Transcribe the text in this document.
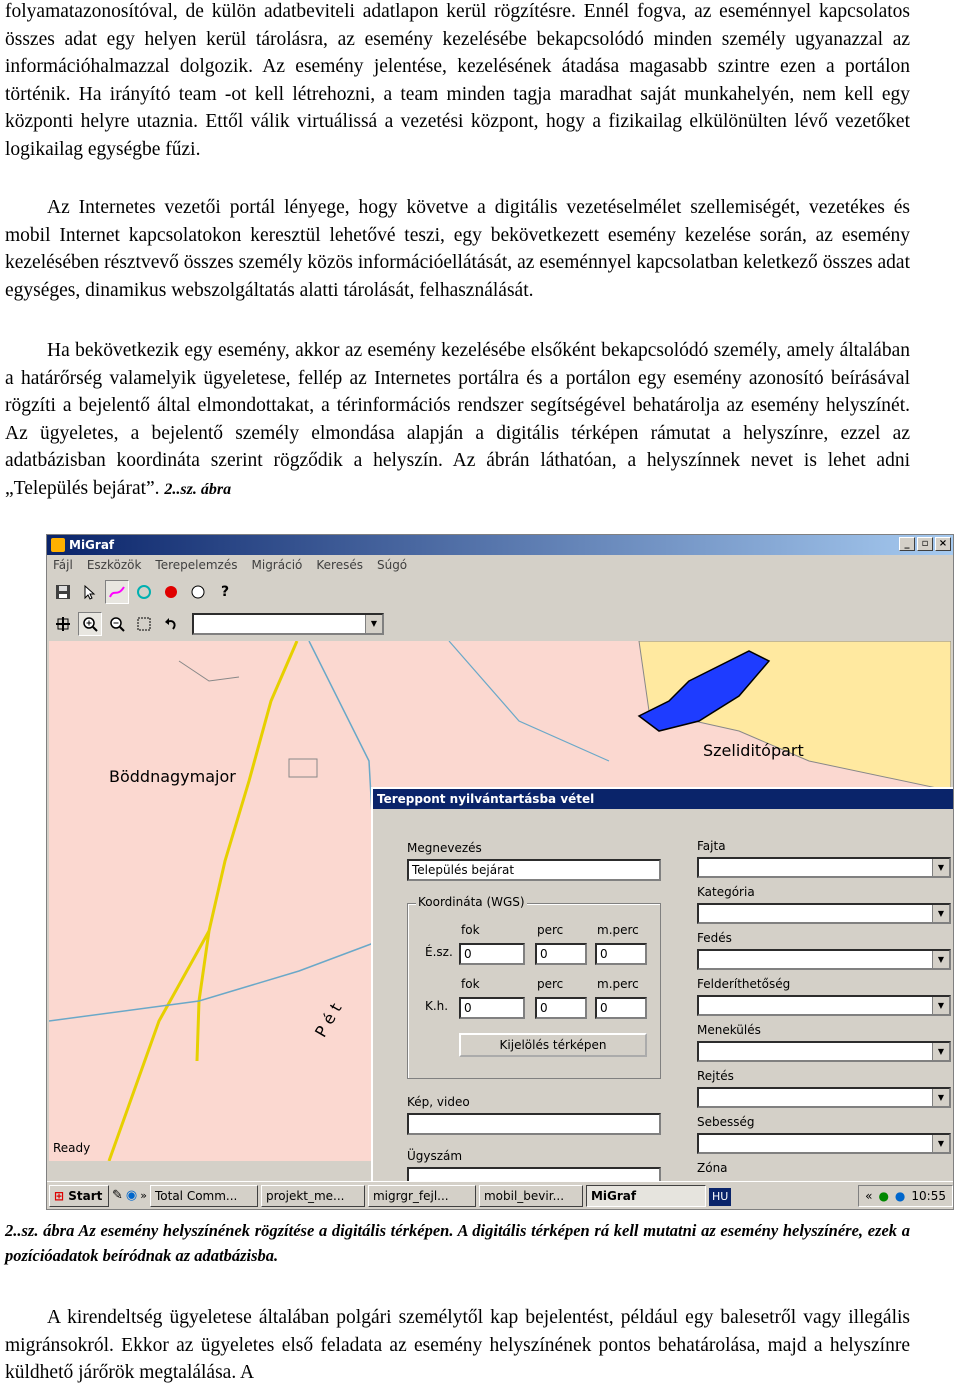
folyamatazonosítóval, de külön adatbeviteli adatlapon kerül rögzítésre. Ennél fogva, az eseménnyel kapcsolatos összes adat egy helyen kerül tárolásra, az esemény kezelésébe bekapcsolódó minden személy ugyanazzal az információhalmazzal dolgozik. Az esemény jelentése, kezelésének átadása magasabb szintre ezen a portálon történik. Ha irányító team -ot kell létrehozni, a team minden tagja maradhat saját munkahelyén, nem kell egy központi helyre utaznia. Ettől válik virtuálissá a vezetési központ, hogy a fizikailag elkülönülten lévő vezetőket logikailag egységbe fűzi.

Az Internetes vezetői portál lényege, hogy követve a digitális vezetéselmélet szellemiségét, vezetékes és mobil Internet kapcsolatokon keresztül lehetővé teszi, egy bekövetkezett esemény kezelése során, az esemény kezelésében résztvevő összes személy közös információellátását, az eseménnyel kapcsolatban keletkező összes adat egységes, dinamikus webszolgáltatás alatti tárolását, felhasználását.

Ha bekövetkezik egy esemény, akkor az esemény kezelésébe elsőként bekapcsolódó személy, amely általában a határőrség valamelyik ügyeletese, fellép az Internetes portálra és a portálon egy esemény azonosító beírásával rögzíti a bejelentő által elmondottakat, a térinformációs rendszer segítségével behatárolja az esemény helyszínét. Az ügyeletes, a bejelentő személy elmondása alapján a digitális térképen rámutat a helyszínre, ezzel az adatbázisban koordináta szerint rögződik a helyszín. Az ábrán láthatóan, a helyszínnek nevet is lehet adni „Település bejárat”. 2..sz. ábra

MiGraf	_	▫	×
Fájl Eszközök Terepelemzés Migráció Keresés Súgó
?
▼
Böddnagymajor
Szeliditópart
P é t
Ready
Tereppont nyilvántartásba vétel
Megnevezés
Település bejárat
Koordináta (WGS)
fok	perc	m.perc
É.sz. 0	0	0
fok	perc	m.perc
K.h.	0	0	0
Kijelölés térképen
Kép, video
Ügyszám
Fajta
▼
Kategória
▼
Fedés
▼
Felderíthetőség
▼
Menekülés
▼
Rejtés
▼
Sebesség
▼
Zóna
⊞ Start ✎ ◉ » Total Comm...	projekt_me...	migrgr_fejl...	mobil_bevir...	MiGraf	HU	« ● ● 10:55

2..sz. ábra Az esemény helyszínének rögzítése a digitális térképen. A digitális térképen rá kell mutatni az esemény helyszínére, ezek a pozícióadatok beíródnak az adatbázisba.

A kirendeltség ügyeletese általában polgári személytől kap bejelentést, például egy balesetről vagy illegális migránsokról. Ekkor az ügyeletes első feladata az esemény helyszínének pontos behatárolása, majd a helyszínre küldhető járőrök megtalálása. A
